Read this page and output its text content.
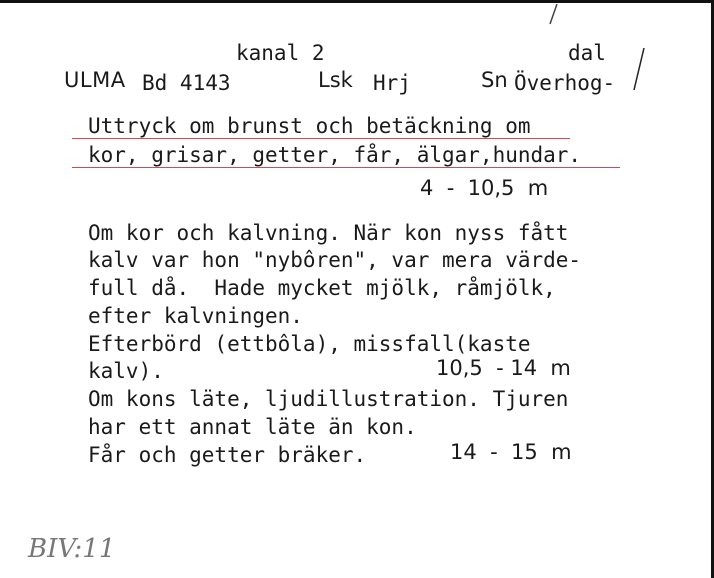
kanal 2	dal
ULMA Bd 4143	Lsk Hrj	Sn Överhog-
Uttryck om brunst och betäckning om
kor, grisar, getter, får, älgar,hundar.
4  -  10,5  m
Om kor och kalvning. När kon nyss fått
kalv var hon "nybôren", var mera värde-
full då.  Hade mycket mjölk, råmjölk,
efter kalvningen.
Efterbörd (ettbôla), missfall(kaste
kalv).	10,5  - 14  m
Om kons läte, ljudillustration. Tjuren
har ett annat läte än kon.
Får och getter bräker.	14  -  15  m
BIV:11
